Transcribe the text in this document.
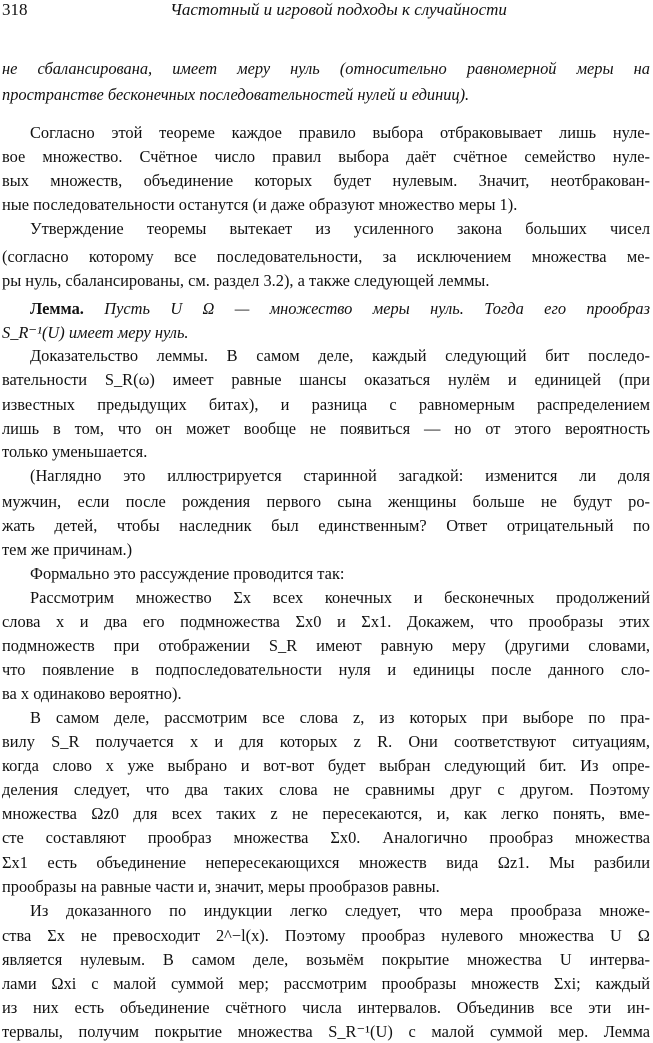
318	Частотный и игровой подходы к случайности
не сбалансирована, имеет меру нуль (относительно равномерной меры на
пространстве бесконечных последовательностей нулей и единиц).
Согласно этой теореме каждое правило выбора отбраковывает лишь нуле-
вое множество. Счётное число правил выбора даёт счётное семейство нуле-
вых множеств, объединение которых будет нулевым. Значит, неотбракован-
ные последовательности останутся (и даже образуют множество меры 1).
Утверждение теоремы вытекает из усиленного закона больших чисел
(согласно которому все последовательности, за исключением множества ме-
ры нуль, сбалансированы, см. раздел 3.2), а также следующей леммы.
Лемма. Пусть U Ω — множество меры нуль. Тогда его прообраз
S_R⁻¹(U) имеет меру нуль.
Доказательство леммы. В самом деле, каждый следующий бит последо-
вательности S_R(ω) имеет равные шансы оказаться нулём и единицей (при
известных предыдущих битах), и разница с равномерным распределением
лишь в том, что он может вообще не появиться — но от этого вероятность
только уменьшается.
(Наглядно это иллюстрируется старинной загадкой: изменится ли доля
мужчин, если после рождения первого сына женщины больше не будут ро-
жать детей, чтобы наследник был единственным? Ответ отрицательный по
тем же причинам.)
Формально это рассуждение проводится так:
Рассмотрим множество Σx всех конечных и бесконечных продолжений
слова x и два его подмножества Σx0 и Σx1. Докажем, что прообразы этих
подмножеств при отображении S_R имеют равную меру (другими словами,
что появление в подпоследовательности нуля и единицы после данного сло-
ва x одинаково вероятно).
В самом деле, рассмотрим все слова z, из которых при выборе по пра-
вилу S_R получается x и для которых z R. Они соответствуют ситуациям,
когда слово x уже выбрано и вот-вот будет выбран следующий бит. Из опре-
деления следует, что два таких слова не сравнимы друг с другом. Поэтому
множества Ωz0 для всех таких z не пересекаются, и, как легко понять, вме-
сте составляют прообраз множества Σx0. Аналогично прообраз множества
Σx1 есть объединение непересекающихся множеств вида Ωz1. Мы разбили
прообразы на равные части и, значит, меры прообразов равны.
Из доказанного по индукции легко следует, что мера прообраза множе-
ства Σx не превосходит 2^−l(x). Поэтому прообраз нулевого множества U Ω
является нулевым. В самом деле, возьмём покрытие множества U интерва-
лами Ωxi с малой суммой мер; рассмотрим прообразы множеств Σxi; каждый
из них есть объединение счётного числа интервалов. Объединив все эти ин-
тервалы, получим покрытие множества S_R⁻¹(U) с малой суммой мер. Лемма
